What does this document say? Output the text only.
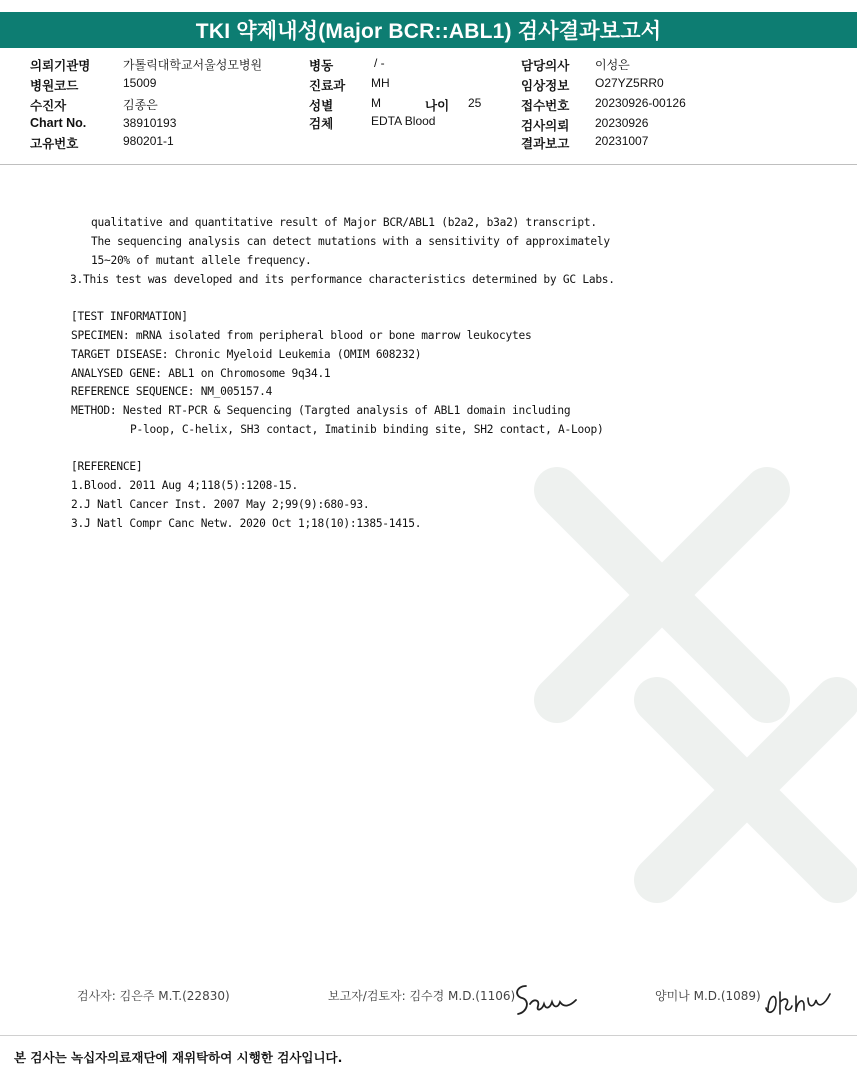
TKI 약제내성(Major BCR::ABL1) 검사결과보고서
의뢰기관명	가톨릭대학교서울성모병원
병원코드	15009
수진자	김종은
Chart No.	38910193
고유번호	980201-1
병동	/ -
진료과 MH
성별	M	나이 25
검체	EDTA Blood
담당의사 이성은
임상정보 O27YZ5RR0
접수번호 20230926-00126
검사의뢰 20230926
결과보고 20231007
qualitative and quantitative result of Major BCR/ABL1 (b2a2, b3a2) transcript.
The sequencing analysis can detect mutations with a sensitivity of approximately
15~20% of mutant allele frequency.
3.This test was developed and its performance characteristics determined by GC Labs.
[TEST INFORMATION]
SPECIMEN: mRNA isolated from peripheral blood or bone marrow leukocytes
TARGET DISEASE: Chronic Myeloid Leukemia (OMIM 608232)
ANALYSED GENE: ABL1 on Chromosome 9q34.1
REFERENCE SEQUENCE: NM_005157.4
METHOD: Nested RT-PCR & Sequencing (Targted analysis of ABL1 domain including
P-loop, C-helix, SH3 contact, Imatinib binding site, SH2 contact, A-Loop)
[REFERENCE]
1.Blood. 2011 Aug 4;118(5):1208-15.
2.J Natl Cancer Inst. 2007 May 2;99(9):680-93.
3.J Natl Compr Canc Netw. 2020 Oct 1;18(10):1385-1415.
검사자: 김은주 M.T.(22830)	보고자/검토자: 김수경 M.D.(1106)	양미나 M.D.(1089)
본 검사는 녹십자의료재단에 재위탁하여 시행한 검사입니다.
